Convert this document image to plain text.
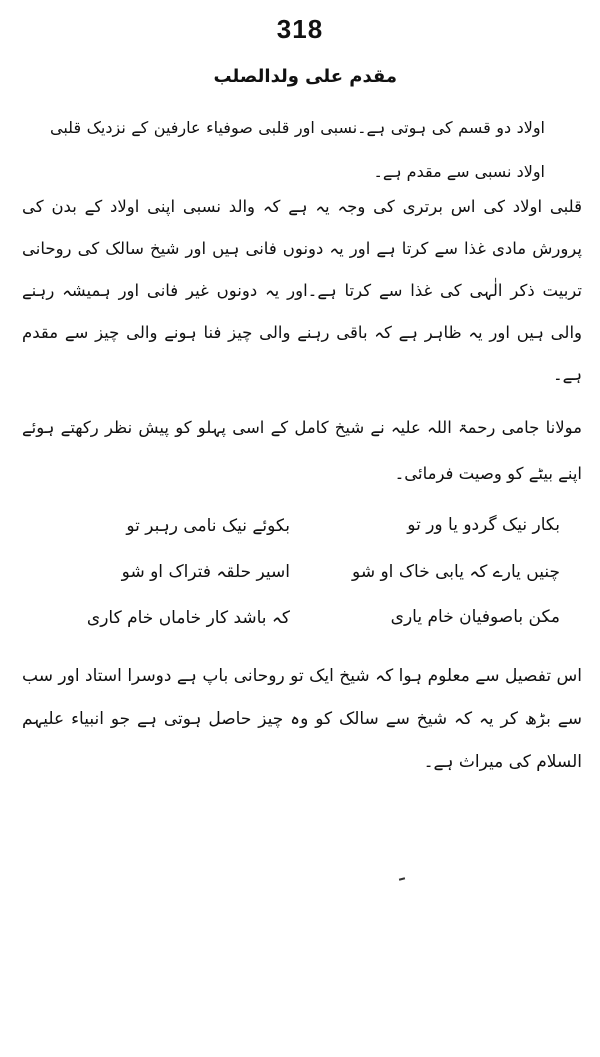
318
مقدم علی ولدالصلب
اولاد دو قسم کی ہوتی ہے۔نسبی اور قلبی صوفیاء عارفین کے نزدیک قلبی اولاد نسبی سے مقدم ہے۔
قلبی اولاد کی اس برتری کی وجہ یہ ہے کہ والد نسبی اپنی اولاد کے بدن کی پرورش مادی غذا سے کرتا ہے اور یہ دونوں فانی ہیں اور شیخ سالک کی روحانی تربیت ذکر الٰہی کی غذا سے کرتا ہے۔اور یہ دونوں غیر فانی اور ہمیشہ رہنے والی ہیں اور یہ ظاہر ہے کہ باقی رہنے والی چیز فنا ہونے والی چیز سے مقدم ہے۔
مولانا جامی رحمۃ اللہ علیہ نے شیخ کامل کے اسی پہلو کو پیش نظر رکھتے ہوئے اپنے بیٹے کو وصیت فرمائی۔
بکار نیک گردو یا ور تو
بکوئے نیک نامی رہبر تو
چنیں یارے کہ یابی خاک او شو
اسیر حلقہ فتراک او شو
مکن باصوفیان خام یاری
کہ باشد کار خاماں خام کاری
اس تفصیل سے معلوم ہوا کہ شیخ ایک تو روحانی باپ ہے دوسرا استاد اور سب سے بڑھ کر یہ کہ شیخ سے سالک کو وہ چیز حاصل ہوتی ہے جو انبیاء علیہم السلام کی میراث ہے۔
